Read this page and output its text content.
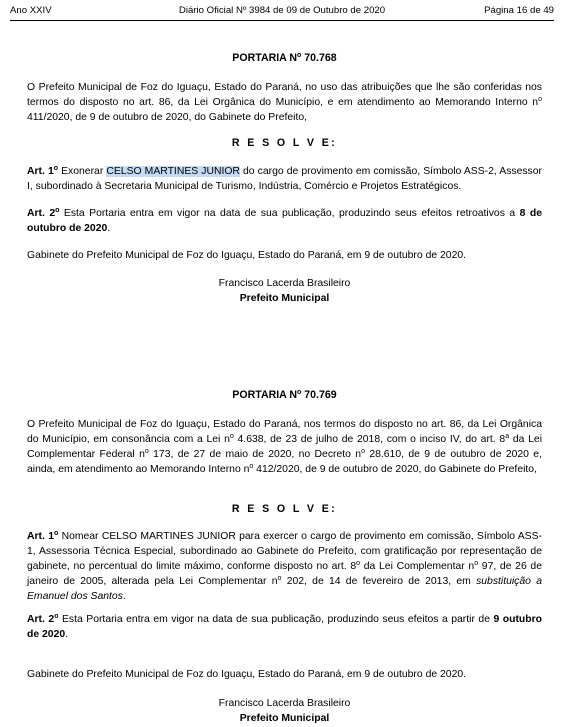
Ano XXIV	Diário Oficial Nº 3984 de 09 de Outubro de 2020	Página 16 de 49
PORTARIA $N^o$ 70.768

O Prefeito Municipal de Foz do Iguaçu, Estado do Paraná, no uso das atribuições que lhe são conferidas nos termos do disposto no art. 86, da Lei Orgânica do Município, e em atendimento ao Memorando Interno $n^o$ 411/2020, de 9 de outubro de 2020, do Gabinete do Prefeito,

R E S O L V E:

Art. 1$^o$ Exonerar CELSO MARTINES JUNIOR do cargo de provimento em comissão, Símbolo ASS-2, Assessor I, subordinado à Secretaria Municipal de Turismo, Indústria, Comércio e Projetos Estratégicos.

Art. 2$^o$ Esta Portaria entra em vigor na data de sua publicação, produzindo seus efeitos retroativos a 8 de outubro de 2020.

Gabinete do Prefeito Municipal de Foz do Iguaçu, Estado do Paraná, em 9 de outubro de 2020.

Francisco Lacerda Brasileiro
Prefeito Municipal
PORTARIA $N^o$ 70.769

O Prefeito Municipal de Foz do Iguaçu, Estado do Paraná, nos termos do disposto no art. 86, da Lei Orgânica do Município, em consonância com a Lei $n^o$ 4.638, de 23 de julho de 2018, com o inciso IV, do art. 8$^a$ da Lei Complementar Federal $n^o$ 173, de 27 de maio de 2020, no Decreto $n^o$ 28.610, de 9 de outubro de 2020 e, ainda, em atendimento ao Memorando Interno $n^o$ 412/2020, de 9 de outubro de 2020, do Gabinete do Prefeito,

R E S O L V E:

Art. 1$^o$ Nomear CELSO MARTINES JUNIOR para exercer o cargo de provimento em comissão, Símbolo ASS-1, Assessoria Técnica Especial, subordinado ao Gabinete do Prefeito, com gratificação por representação de gabinete, no percentual do limite máximo, conforme disposto no art. 8$^o$ da Lei Complementar $n^o$ 97, de 26 de janeiro de 2005, alterada pela Lei Complementar $n^o$ 202, de 14 de fevereiro de 2013, em substituição a Emanuel dos Santos.

Art. 2$^o$ Esta Portaria entra em vigor na data de sua publicação, produzindo seus efeitos a partir de 9 outubro de 2020.

Gabinete do Prefeito Municipal de Foz do Iguaçu, Estado do Paraná, em 9 de outubro de 2020.

Francisco Lacerda Brasileiro
Prefeito Municipal
